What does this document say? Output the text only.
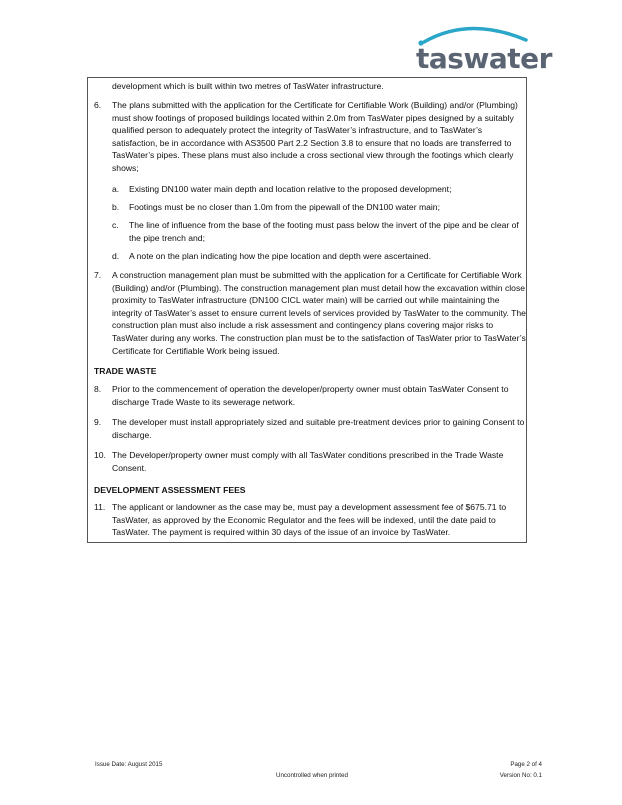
taswater
development which is built within two metres of TasWater infrastructure.
6.	The plans submitted with the application for the Certificate for Certifiable Work (Building) and/or (Plumbing) must show footings of proposed buildings located within 2.0m from TasWater pipes designed by a suitably qualified person to adequately protect the integrity of TasWater’s infrastructure, and to TasWater’s satisfaction, be in accordance with AS3500 Part 2.2 Section 3.8 to ensure that no loads are transferred to TasWater’s pipes. These plans must also include a cross sectional view through the footings which clearly shows;
a.	Existing DN100 water main depth and location relative to the proposed development;
b.	Footings must be no closer than 1.0m from the pipewall of the DN100 water main;
c.	The line of influence from the base of the footing must pass below the invert of the pipe and be clear of the pipe trench and;
d.	A note on the plan indicating how the pipe location and depth were ascertained.
7.	A construction management plan must be submitted with the application for a Certificate for Certifiable Work (Building) and/or (Plumbing). The construction management plan must detail how the excavation within close proximity to TasWater infrastructure (DN100 CICL water main) will be carried out while maintaining the integrity of TasWater’s asset to ensure current levels of services provided by TasWater to the community. The construction plan must also include a risk assessment and contingency plans covering major risks to TasWater during any works. The construction plan must be to the satisfaction of TasWater prior to TasWater’s Certificate for Certifiable Work being issued.
TRADE WASTE
8.	Prior to the commencement of operation the developer/property owner must obtain TasWater Consent to discharge Trade Waste to its sewerage network.
9.	The developer must install appropriately sized and suitable pre-treatment devices prior to gaining Consent to discharge.
10. The Developer/property owner must comply with all TasWater conditions prescribed in the Trade Waste Consent.
DEVELOPMENT ASSESSMENT FEES
11. The applicant or landowner as the case may be, must pay a development assessment fee of $675.71 to TasWater, as approved by the Economic Regulator and the fees will be indexed, until the date paid to TasWater. The payment is required within 30 days of the issue of an invoice by TasWater.
Issue Date: August 2015
Uncontrolled when printed
Page 2 of 4
Version No: 0.1
